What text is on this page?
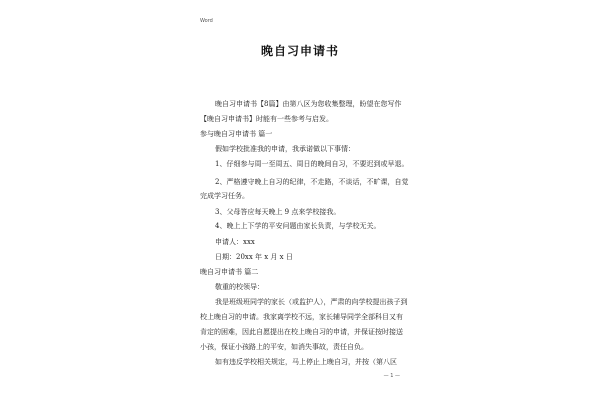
Word
晚自习申请书
晚自习申请书【8篇】由第八区为您收集整理，盼望在您写作
【晚自习申请书】时能有一些参考与启发。
参与晚自习申请书 篇一
假如学校批准我的申请，我承诺做以下事情：
1、仔细参与周一至周五、周日的晚间自习，不要迟到或早退。
2、严格遵守晚上自习的纪律，不走路，不谈话，不旷课，自觉
完成学习任务。
3、父母答应每天晚上 9 点来学校接我。
4、晚上上下学的平安问题由家长负责，与学校无关。
申请人：xxx
日期：20xx 年 x 月 x 日
晚自习申请书 篇二
敬重的校领导：
我是班级班同学的家长（或监护人），严肃的向学校提出孩子到
校上晚自习的申请。我家离学校不远，家长辅导同学全部科目又有
肯定的困难，因此自愿提出在校上晚自习的申请，并保证按时接送
小孩，保证小孩路上的平安，如消失事故，责任自负。
如有违反学校相关规定，马上停止上晚自习，并按（第八区
— 1 —
